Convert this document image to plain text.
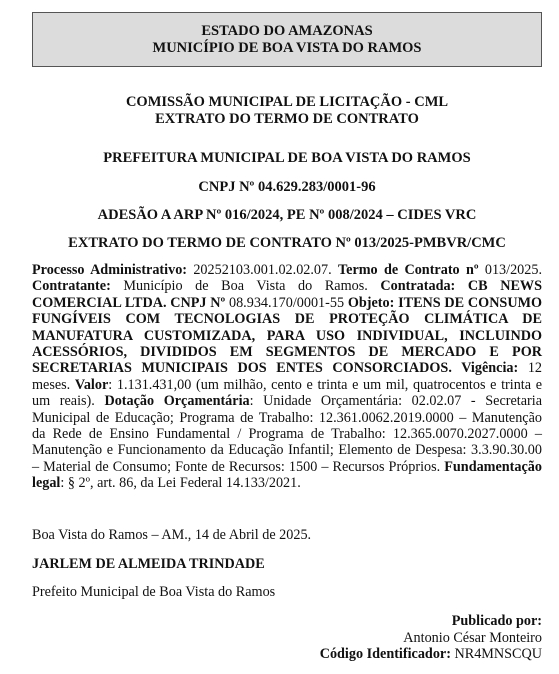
ESTADO DO AMAZONAS
MUNICÍPIO DE BOA VISTA DO RAMOS
COMISSÃO MUNICIPAL DE LICITAÇÃO - CML
EXTRATO DO TERMO DE CONTRATO
PREFEITURA MUNICIPAL DE BOA VISTA DO RAMOS
CNPJ Nº 04.629.283/0001-96
ADESÃO A ARP Nº 016/2024, PE Nº 008/2024 – CIDES VRC
EXTRATO DO TERMO DE CONTRATO Nº 013/2025-PMBVR/CMC
Processo Administrativo: 20252103.001.02.02.07. Termo de Contrato nº 013/2025. Contratante: Município de Boa Vista do Ramos. Contratada: CB NEWS COMERCIAL LTDA. CNPJ Nº 08.934.170/0001-55 Objeto: ITENS DE CONSUMO FUNGÍVEIS COM TECNOLOGIAS DE PROTEÇÃO CLIMÁTICA DE MANUFATURA CUSTOMIZADA, PARA USO INDIVIDUAL, INCLUINDO ACESSÓRIOS, DIVIDIDOS EM SEGMENTOS DE MERCADO E POR SECRETARIAS MUNICIPAIS DOS ENTES CONSORCIADOS. Vigência: 12 meses. Valor: 1.131.431,00 (um milhão, cento e trinta e um mil, quatrocentos e trinta e um reais). Dotação Orçamentária: Unidade Orçamentária: 02.02.07 - Secretaria Municipal de Educação; Programa de Trabalho: 12.361.0062.2019.0000 – Manutenção da Rede de Ensino Fundamental / Programa de Trabalho: 12.365.0070.2027.0000 – Manutenção e Funcionamento da Educação Infantil; Elemento de Despesa: 3.3.90.30.00 – Material de Consumo; Fonte de Recursos: 1500 – Recursos Próprios. Fundamentação legal: § 2º, art. 86, da Lei Federal 14.133/2021.
Boa Vista do Ramos – AM., 14 de Abril de 2025.
JARLEM DE ALMEIDA TRINDADE
Prefeito Municipal de Boa Vista do Ramos
Publicado por:
Antonio César Monteiro
Código Identificador: NR4MNSCQU
